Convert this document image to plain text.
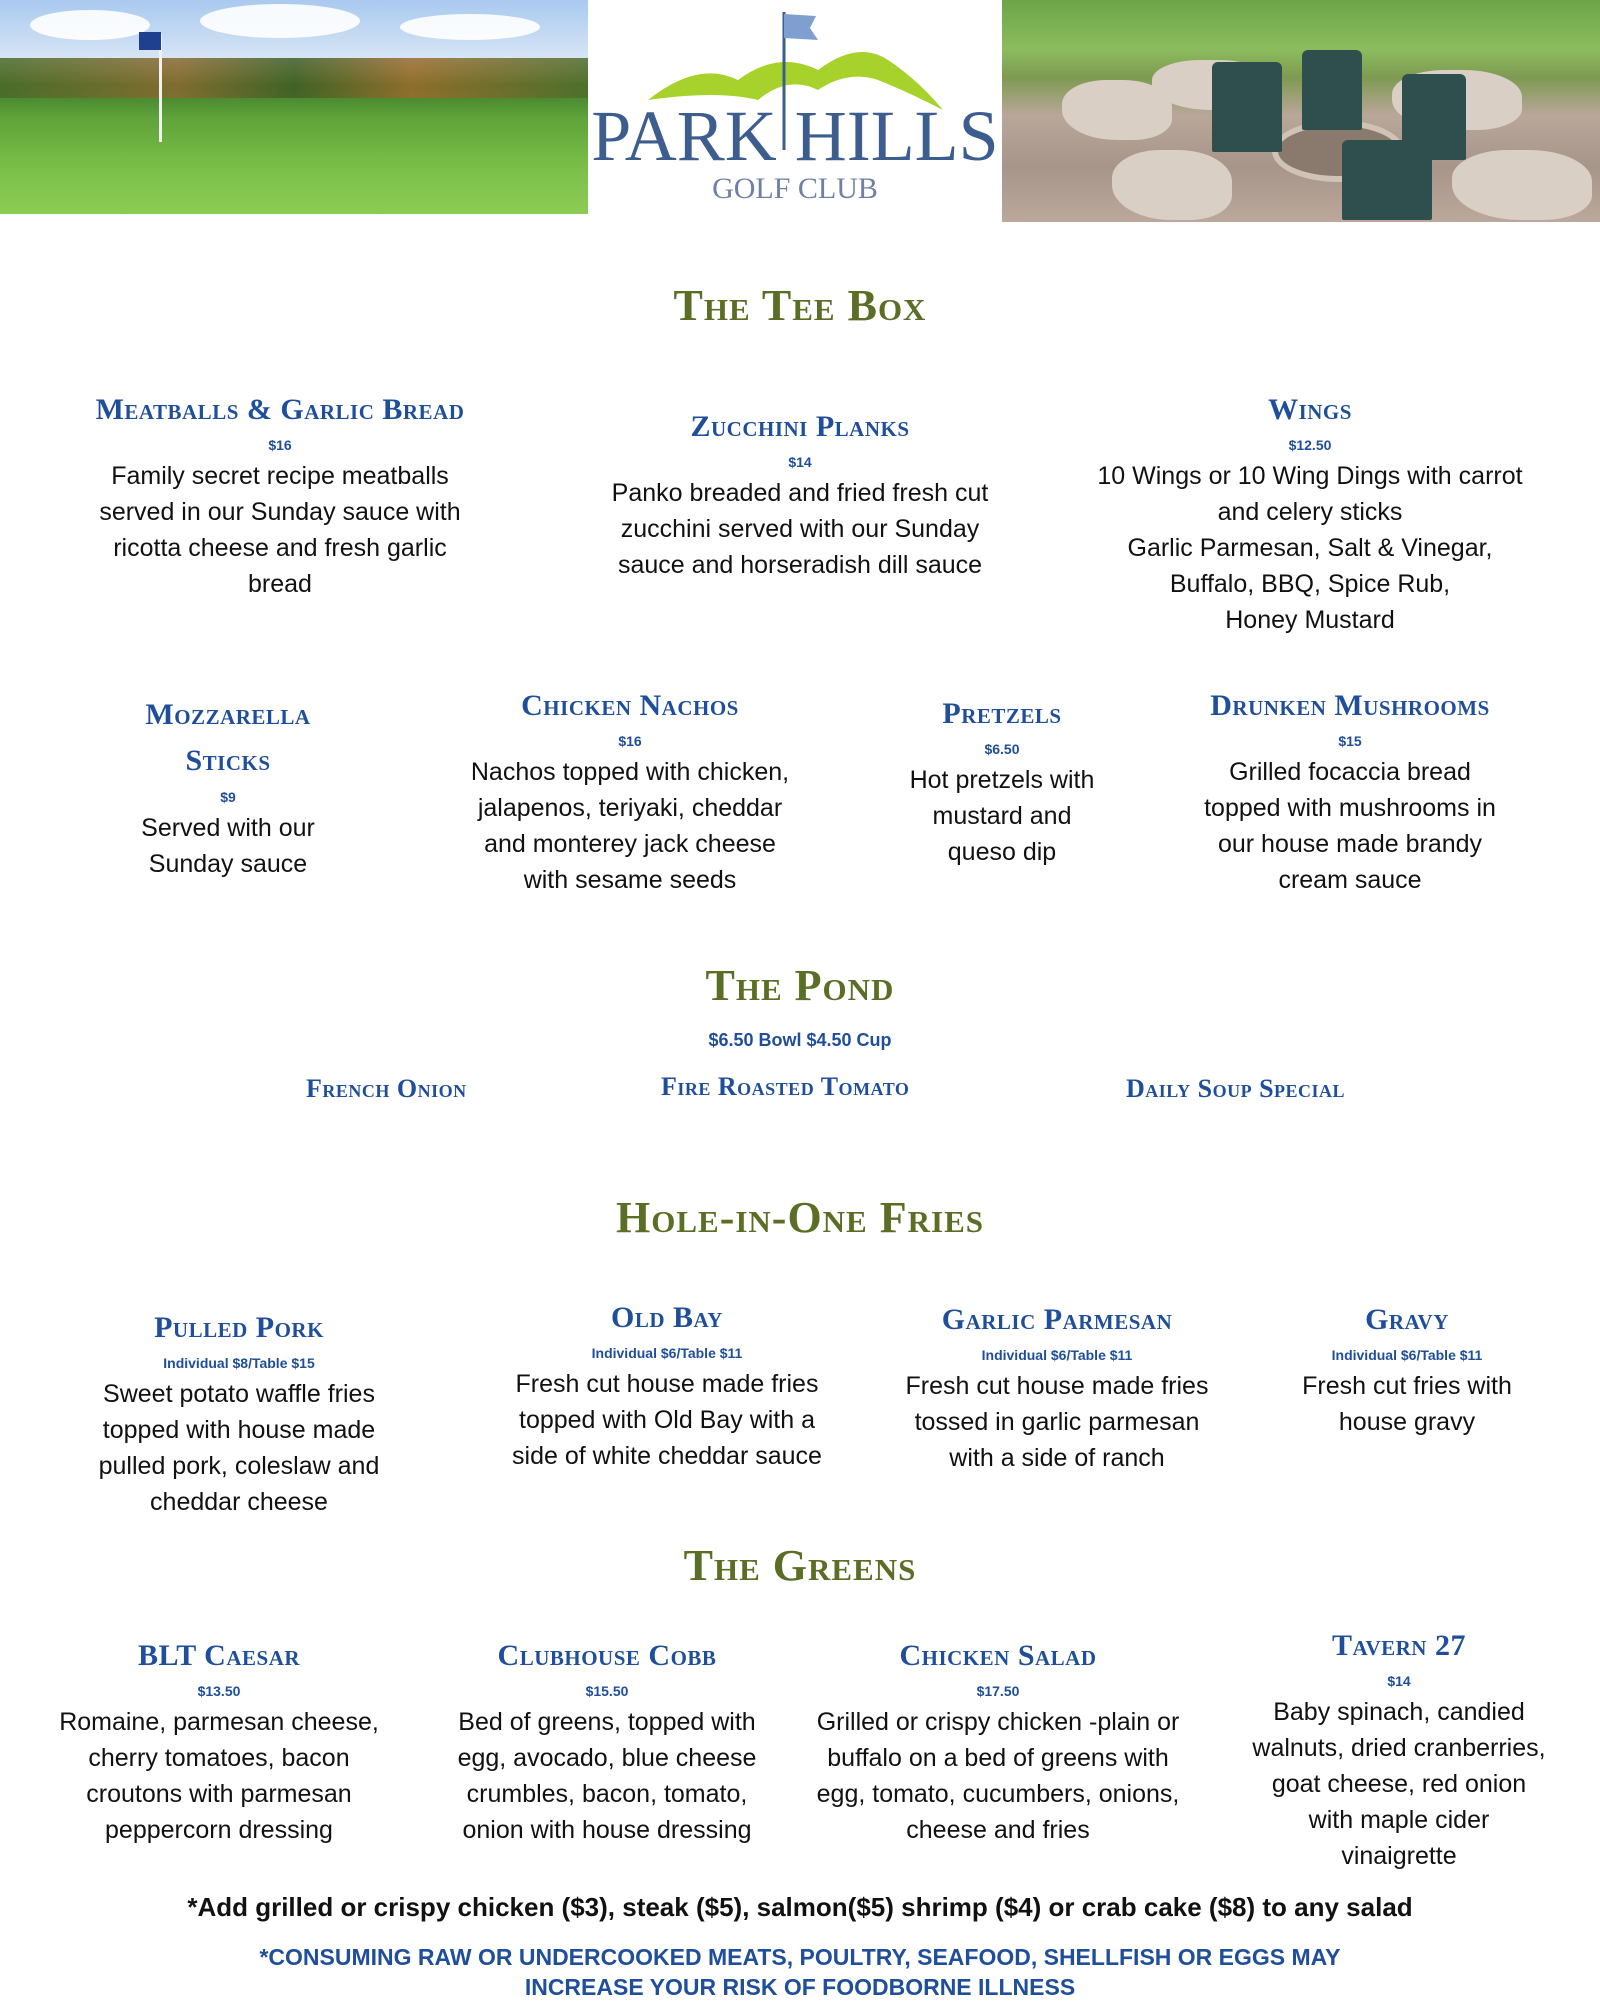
PARK HILLS
GOLF CLUB
The Tee Box
Meatballs & Garlic Bread
$16
Family secret recipe meatballs
served in our Sunday sauce with
ricotta cheese and fresh garlic
bread
Zucchini Planks
$14
Panko breaded and fried fresh cut
zucchini served with our Sunday
sauce and horseradish dill sauce
Wings
$12.50
10 Wings or 10 Wing Dings with carrot
and celery sticks
Garlic Parmesan, Salt & Vinegar,
Buffalo, BBQ, Spice Rub,
Honey Mustard
Mozzarella
Sticks
$9
Served with our
Sunday sauce
Chicken Nachos
$16
Nachos topped with chicken,
jalapenos, teriyaki, cheddar
and monterey jack cheese
with sesame seeds
Pretzels
$6.50
Hot pretzels with
mustard and
queso dip
Drunken Mushrooms
$15
Grilled focaccia bread
topped with mushrooms in
our house made brandy
cream sauce
The Pond
$6.50 Bowl $4.50 Cup
French Onion	Fire Roasted Tomato	Daily Soup Special
Hole-in-One Fries
Pulled Pork
Individual $8/Table $15
Sweet potato waffle fries
topped with house made
pulled pork, coleslaw and
cheddar cheese
Old Bay
Individual $6/Table $11
Fresh cut house made fries
topped with Old Bay with a
side of white cheddar sauce
Garlic Parmesan
Individual $6/Table $11
Fresh cut house made fries
tossed in garlic parmesan
with a side of ranch
Gravy
Individual $6/Table $11
Fresh cut fries with
house gravy
The Greens
BLT Caesar
$13.50
Romaine, parmesan cheese,
cherry tomatoes, bacon
croutons with parmesan
peppercorn dressing
Clubhouse Cobb
$15.50
Bed of greens, topped with
egg, avocado, blue cheese
crumbles, bacon, tomato,
onion with house dressing
Chicken Salad
$17.50
Grilled or crispy chicken -plain or
buffalo on a bed of greens with
egg, tomato, cucumbers, onions,
cheese and fries
Tavern 27
$14
Baby spinach, candied
walnuts, dried cranberries,
goat cheese, red onion
with maple cider
vinaigrette
*Add grilled or crispy chicken ($3), steak ($5), salmon($5) shrimp ($4) or crab cake ($8) to any salad
*CONSUMING RAW OR UNDERCOOKED MEATS, POULTRY, SEAFOOD, SHELLFISH OR EGGS MAY
INCREASE YOUR RISK OF FOODBORNE ILLNESS
